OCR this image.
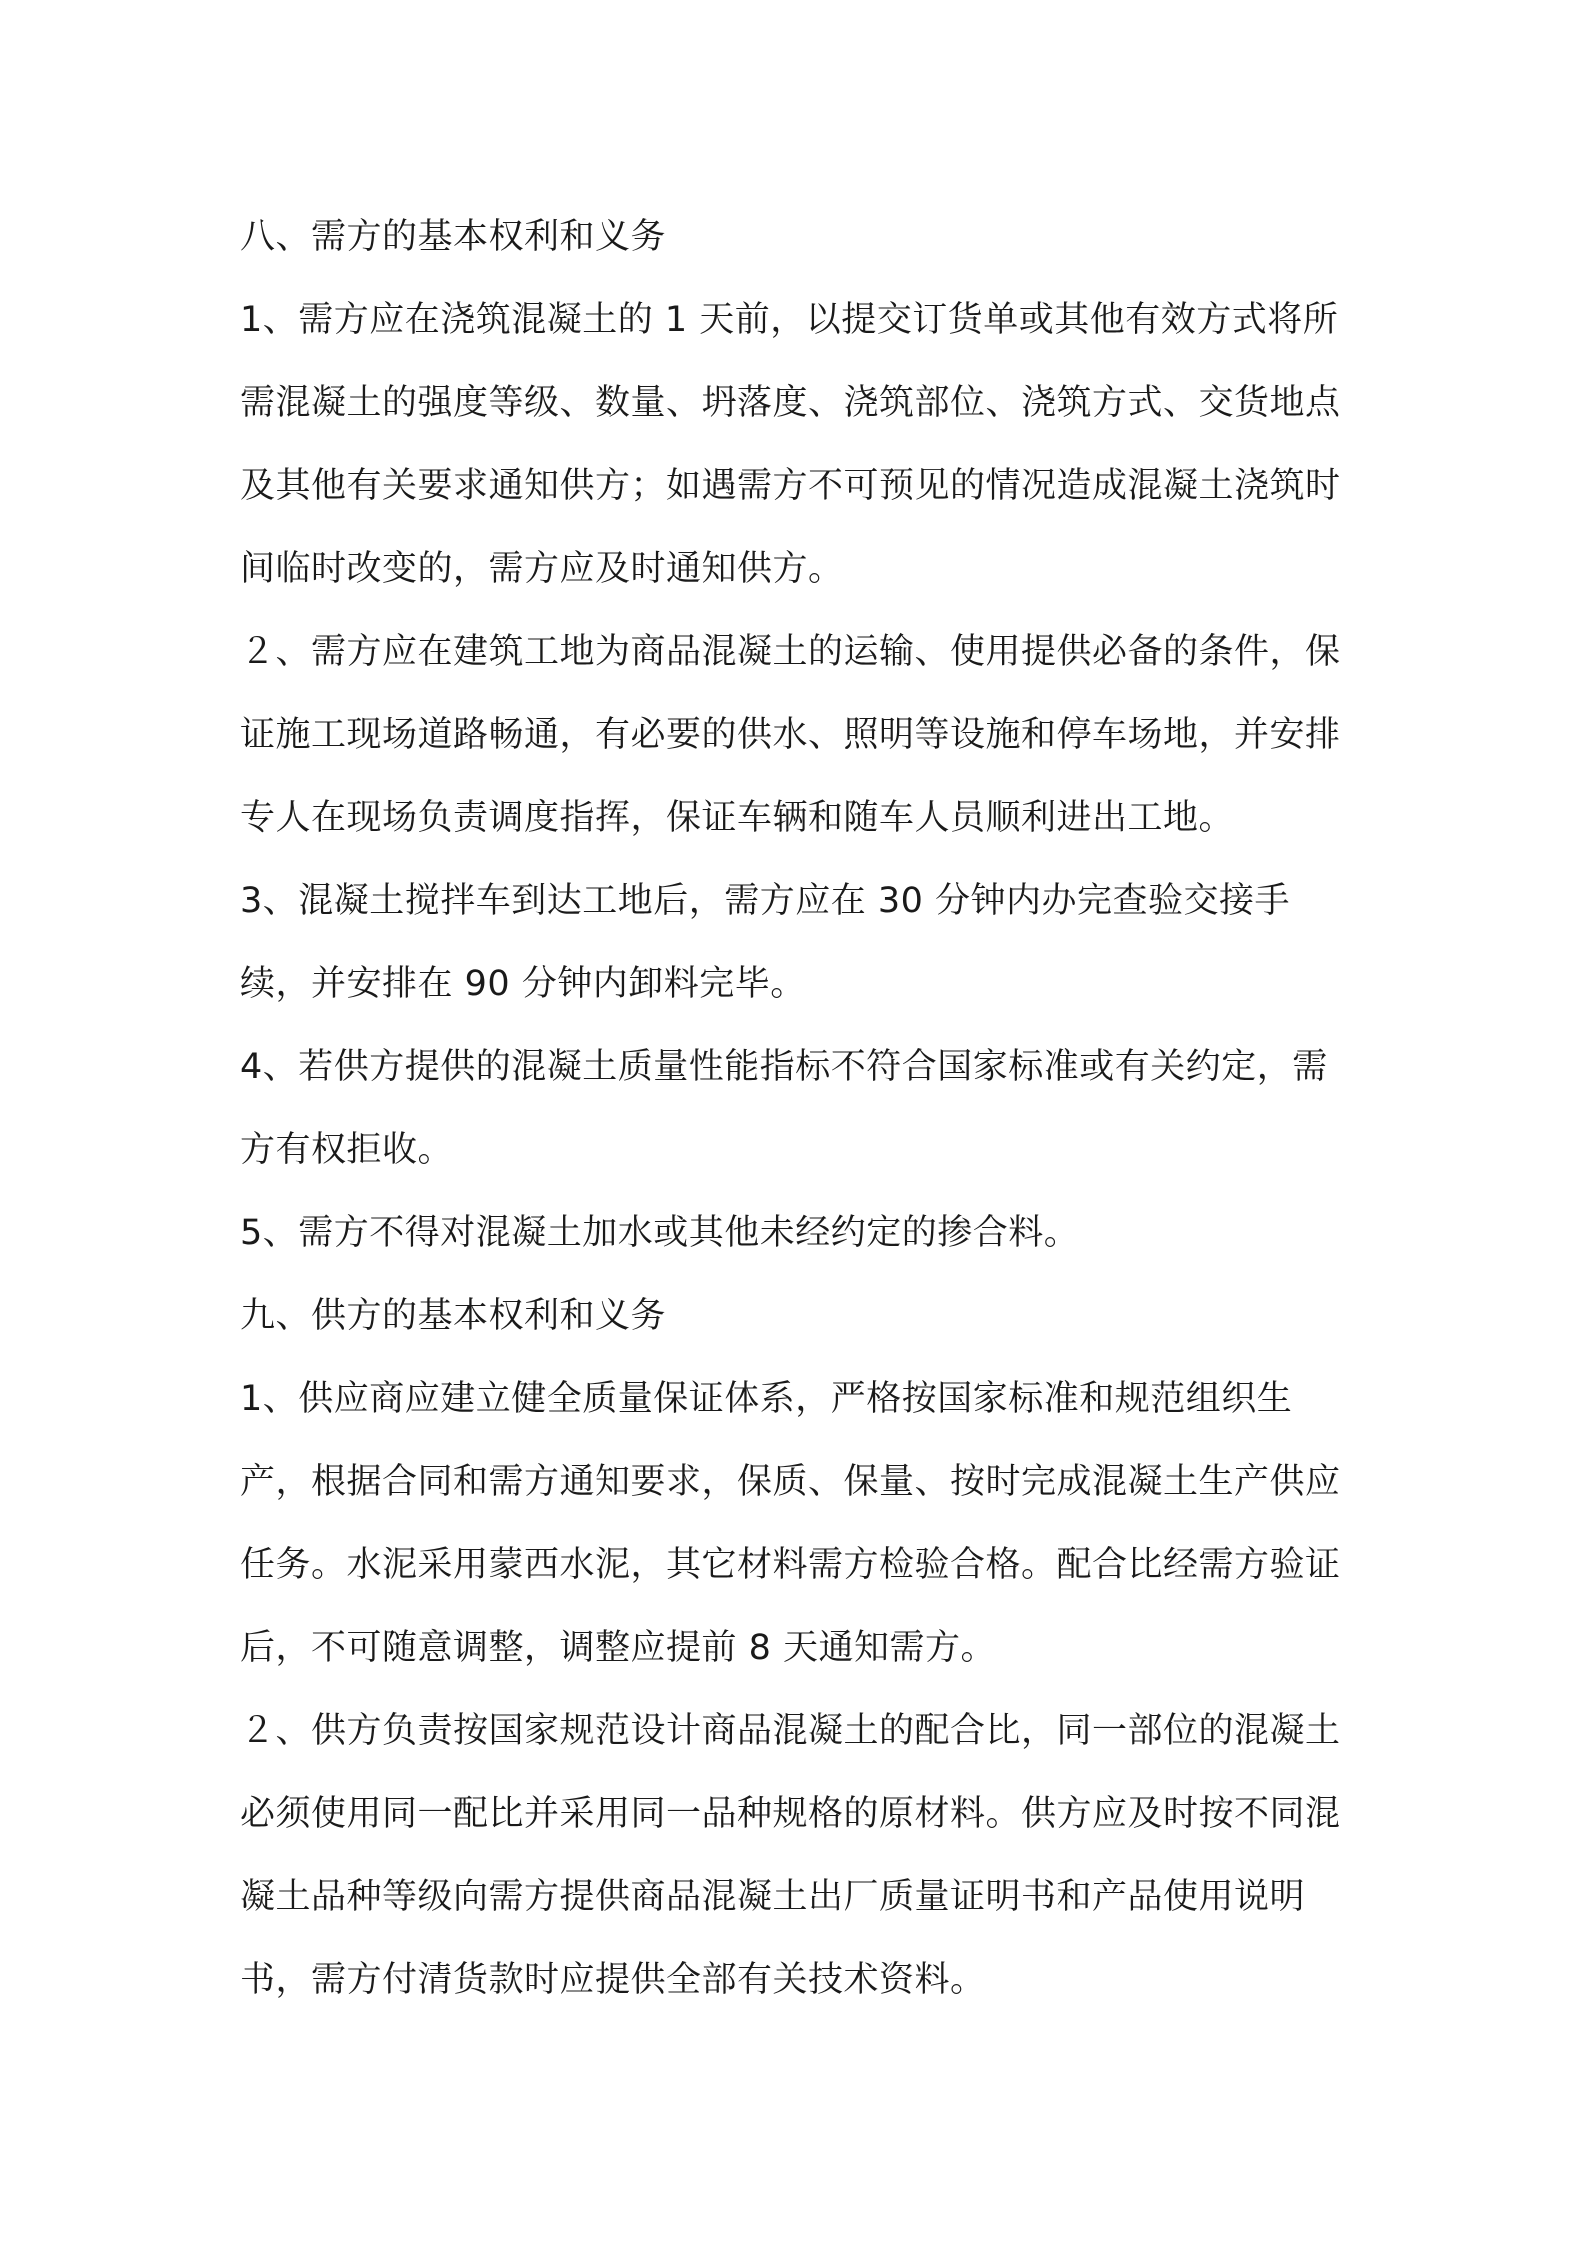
八、需方的基本权利和义务

1、需方应在浇筑混凝土的 1 天前，以提交订货单或其他有效方式将所需混凝土的强度等级、数量、坍落度、浇筑部位、浇筑方式、交货地点及其他有关要求通知供方；如遇需方不可预见的情况造成混凝土浇筑时间临时改变的，需方应及时通知供方。

２、需方应在建筑工地为商品混凝土的运输、使用提供必备的条件，保证施工现场道路畅通，有必要的供水、照明等设施和停车场地，并安排专人在现场负责调度指挥，保证车辆和随车人员顺利进出工地。

3、混凝土搅拌车到达工地后，需方应在 30 分钟内办完查验交接手续，并安排在 90 分钟内卸料完毕。

4、若供方提供的混凝土质量性能指标不符合国家标准或有关约定，需方有权拒收。

5、需方不得对混凝土加水或其他未经约定的掺合料。

九、供方的基本权利和义务

1、供应商应建立健全质量保证体系，严格按国家标准和规范组织生产，根据合同和需方通知要求，保质、保量、按时完成混凝土生产供应任务。水泥采用蒙西水泥，其它材料需方检验合格。配合比经需方验证后，不可随意调整，调整应提前 8 天通知需方。

２、供方负责按国家规范设计商品混凝土的配合比，同一部位的混凝土必须使用同一配比并采用同一品种规格的原材料。供方应及时按不同混凝土品种等级向需方提供商品混凝土出厂质量证明书和产品使用说明书，需方付清货款时应提供全部有关技术资料。
